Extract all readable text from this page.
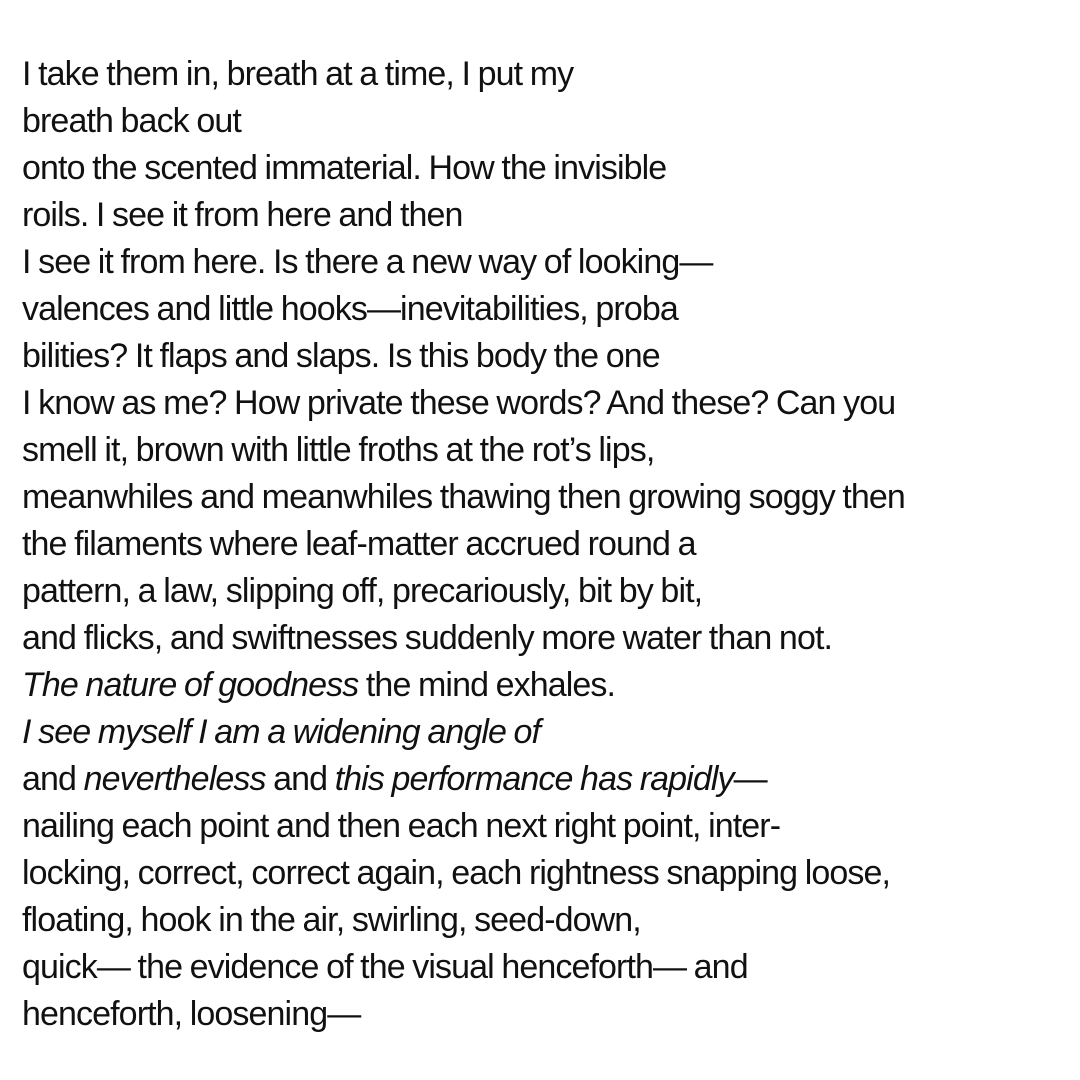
I take them in, breath at a time, I put my
breath back out
onto the scented immaterial. How the invisible
roils. I see it from here and then
I see it from here. Is there a new way of looking—
valences and little hooks—inevitabilities, proba
bilities? It flaps and slaps. Is this body the one
I know as me? How private these words? And these? Can you
smell it, brown with little froths at the rot’s lips,
meanwhiles and meanwhiles thawing then growing soggy then
the filaments where leaf-matter accrued round a
pattern, a law, slipping off, precariously, bit by bit,
and flicks, and swiftnesses suddenly more water than not.
The nature of goodness the mind exhales.
I see myself I am a widening angle of
and nevertheless and this performance has rapidly—
nailing each point and then each next right point, inter-
locking, correct, correct again, each rightness snapping loose,
floating, hook in the air, swirling, seed-down,
quick— the evidence of the visual henceforth— and
henceforth, loosening—
